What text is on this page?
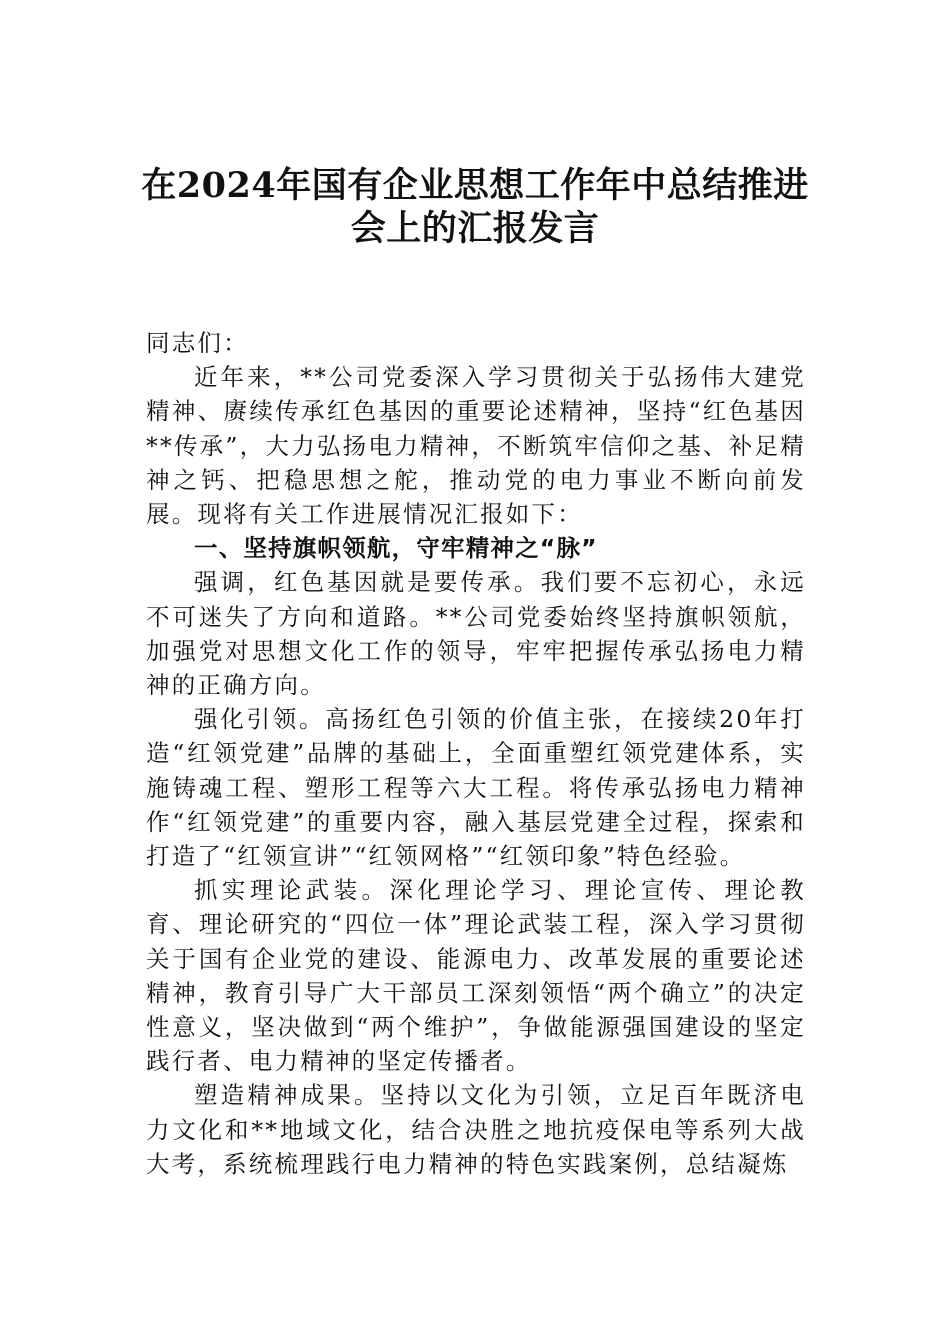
在2024年国有企业思想工作年中总结推进
会上的汇报发言

同志们：

近年来，**公司党委深入学习贯彻关于弘扬伟大建党精神、赓续传承红色基因的重要论述精神，坚持“红色基因 **传承”，大力弘扬电力精神，不断筑牢信仰之基、补足精神之钙、把稳思想之舵，推动党的电力事业不断向前发展。现将有关工作进展情况汇报如下：

一、坚持旗帜领航，守牢精神之“脉”

强调，红色基因就是要传承。我们要不忘初心，永远不可迷失了方向和道路。**公司党委始终坚持旗帜领航，加强党对思想文化工作的领导，牢牢把握传承弘扬电力精神的正确方向。

强化引领。高扬红色引领的价值主张，在接续20年打造“红领党建”品牌的基础上，全面重塑红领党建体系，实施铸魂工程、塑形工程等六大工程。将传承弘扬电力精神作“红领党建”的重要内容，融入基层党建全过程，探索和打造了“红领宣讲”“红领网格”“红领印象”特色经验。

抓实理论武装。深化理论学习、理论宣传、理论教育、理论研究的“四位一体”理论武装工程，深入学习贯彻关于国有企业党的建设、能源电力、改革发展的重要论述精神，教育引导广大干部员工深刻领悟“两个确立”的决定性意义，坚决做到“两个维护”，争做能源强国建设的坚定践行者、电力精神的坚定传播者。

塑造精神成果。坚持以文化为引领，立足百年既济电力文化和**地域文化，结合决胜之地抗疫保电等系列大战大考，系统梳理践行电力精神的特色实践案例，总结凝炼
